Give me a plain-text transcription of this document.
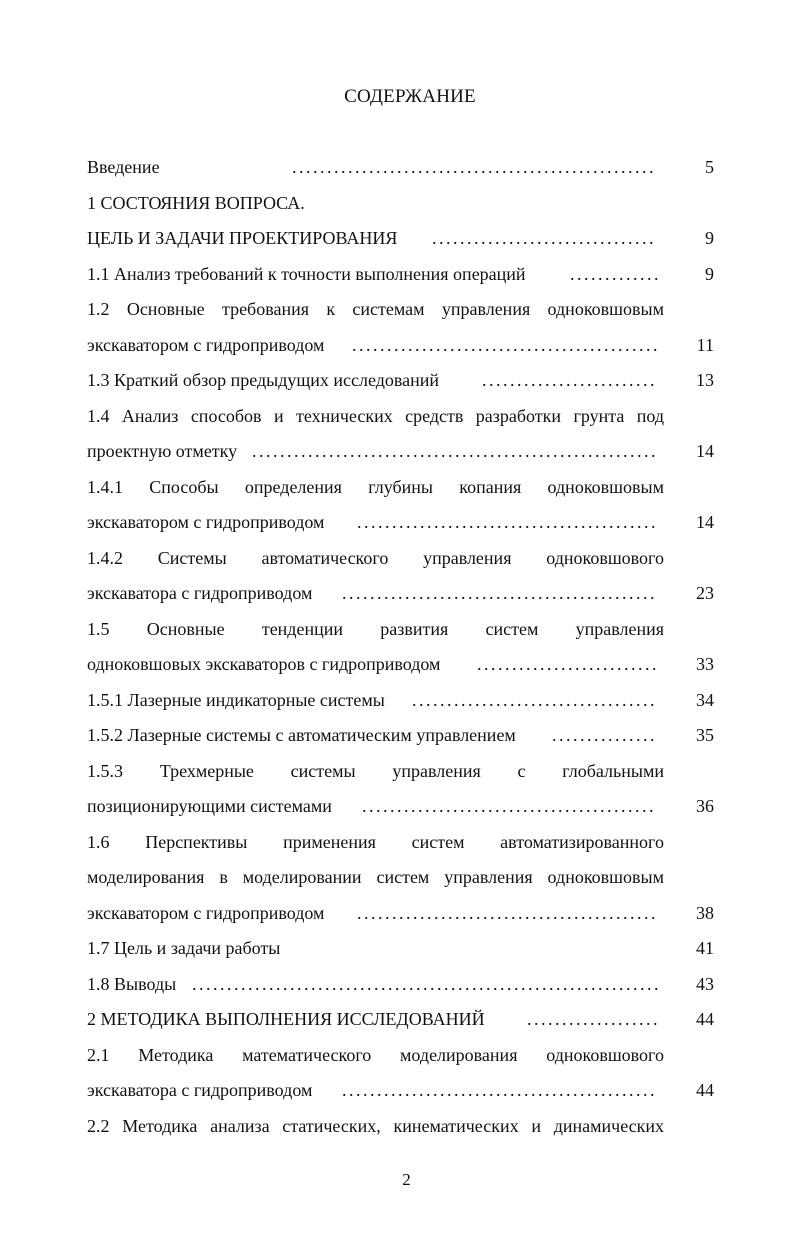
СОДЕРЖАНИЕ
Введение	....................................................	5
1 СОСТОЯНИЯ ВОПРОСА.
ЦЕЛЬ И ЗАДАЧИ ПРОЕКТИРОВАНИЯ ................................	9
1.1 Анализ требований к точности выполнения операций .............	9
1.2 Основные требования к системам управления одноковшовым
экскаватором с гидроприводом ............................................	11
1.3 Краткий обзор предыдущих исследований .........................	13
1.4 Анализ способов и технических средств разработки грунта под
проектную отметку ..........................................................	14
1.4.1 Способы определения глубины копания одноковшовым
экскаватором с гидроприводом ...........................................	14
1.4.2 Системы автоматического управления одноковшового
экскаватора с гидроприводом .............................................	23
1.5 Основные тенденции развития систем управления
одноковшовых экскаваторов с гидроприводом ..........................	33
1.5.1 Лазерные индикаторные системы ...................................	34
1.5.2 Лазерные системы с автоматическим управлением ...............	35
1.5.3 Трехмерные системы управления с глобальными
позиционирующими системами ..........................................	36
1.6 Перспективы применения систем автоматизированного
моделирования в моделировании систем управления одноковшовым
экскаватором с гидроприводом ...........................................	38
1.7 Цель и задачи работы	41
1.8 Выводы ...................................................................	43
2 МЕТОДИКА ВЫПОЛНЕНИЯ ИССЛЕДОВАНИЙ ...................	44
2.1 Методика математического моделирования одноковшового
экскаватора с гидроприводом .............................................	44
2.2 Методика анализа статических, кинематических и динамических
2
